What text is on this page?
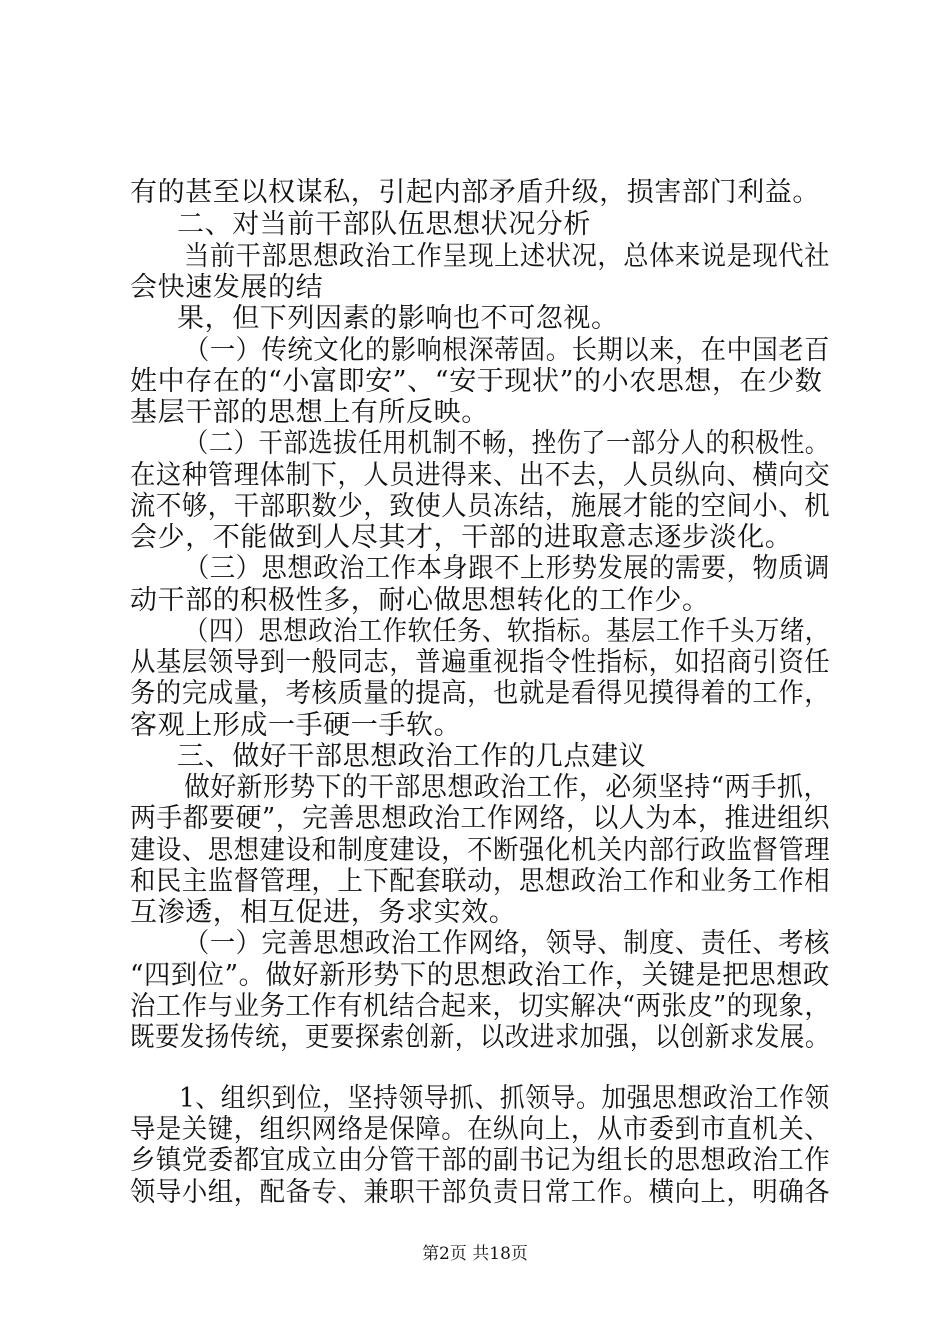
有的甚至以权谋私，引起内部矛盾升级，损害部门利益。
二、对当前干部队伍思想状况分析
当前干部思想政治工作呈现上述状况，总体来说是现代社
会快速发展的结
果，但下列因素的影响也不可忽视。
（一）传统文化的影响根深蒂固。长期以来，在中国老百
姓中存在的“小富即安”、“安于现状”的小农思想，在少数
基层干部的思想上有所反映。
（二）干部选拔任用机制不畅，挫伤了一部分人的积极性。
在这种管理体制下，人员进得来、出不去，人员纵向、横向交
流不够，干部职数少，致使人员冻结，施展才能的空间小、机
会少，不能做到人尽其才，干部的进取意志逐步淡化。
（三）思想政治工作本身跟不上形势发展的需要，物质调
动干部的积极性多，耐心做思想转化的工作少。
（四）思想政治工作软任务、软指标。基层工作千头万绪，
从基层领导到一般同志，普遍重视指令性指标，如招商引资任
务的完成量，考核质量的提高，也就是看得见摸得着的工作，
客观上形成一手硬一手软。
三、做好干部思想政治工作的几点建议
做好新形势下的干部思想政治工作，必须坚持“两手抓，
两手都要硬”，完善思想政治工作网络，以人为本，推进组织
建设、思想建设和制度建设，不断强化机关内部行政监督管理
和民主监督管理，上下配套联动，思想政治工作和业务工作相
互渗透，相互促进，务求实效。
（一）完善思想政治工作网络，领导、制度、责任、考核
“四到位”。做好新形势下的思想政治工作，关键是把思想政
治工作与业务工作有机结合起来，切实解决“两张皮”的现象，
既要发扬传统，更要探索创新，以改进求加强，以创新求发展。
1、组织到位，坚持领导抓、抓领导。加强思想政治工作领
导是关键，组织网络是保障。在纵向上，从市委到市直机关、
乡镇党委都宜成立由分管干部的副书记为组长的思想政治工作
领导小组，配备专、兼职干部负责日常工作。横向上，明确各
第2页 共18页
